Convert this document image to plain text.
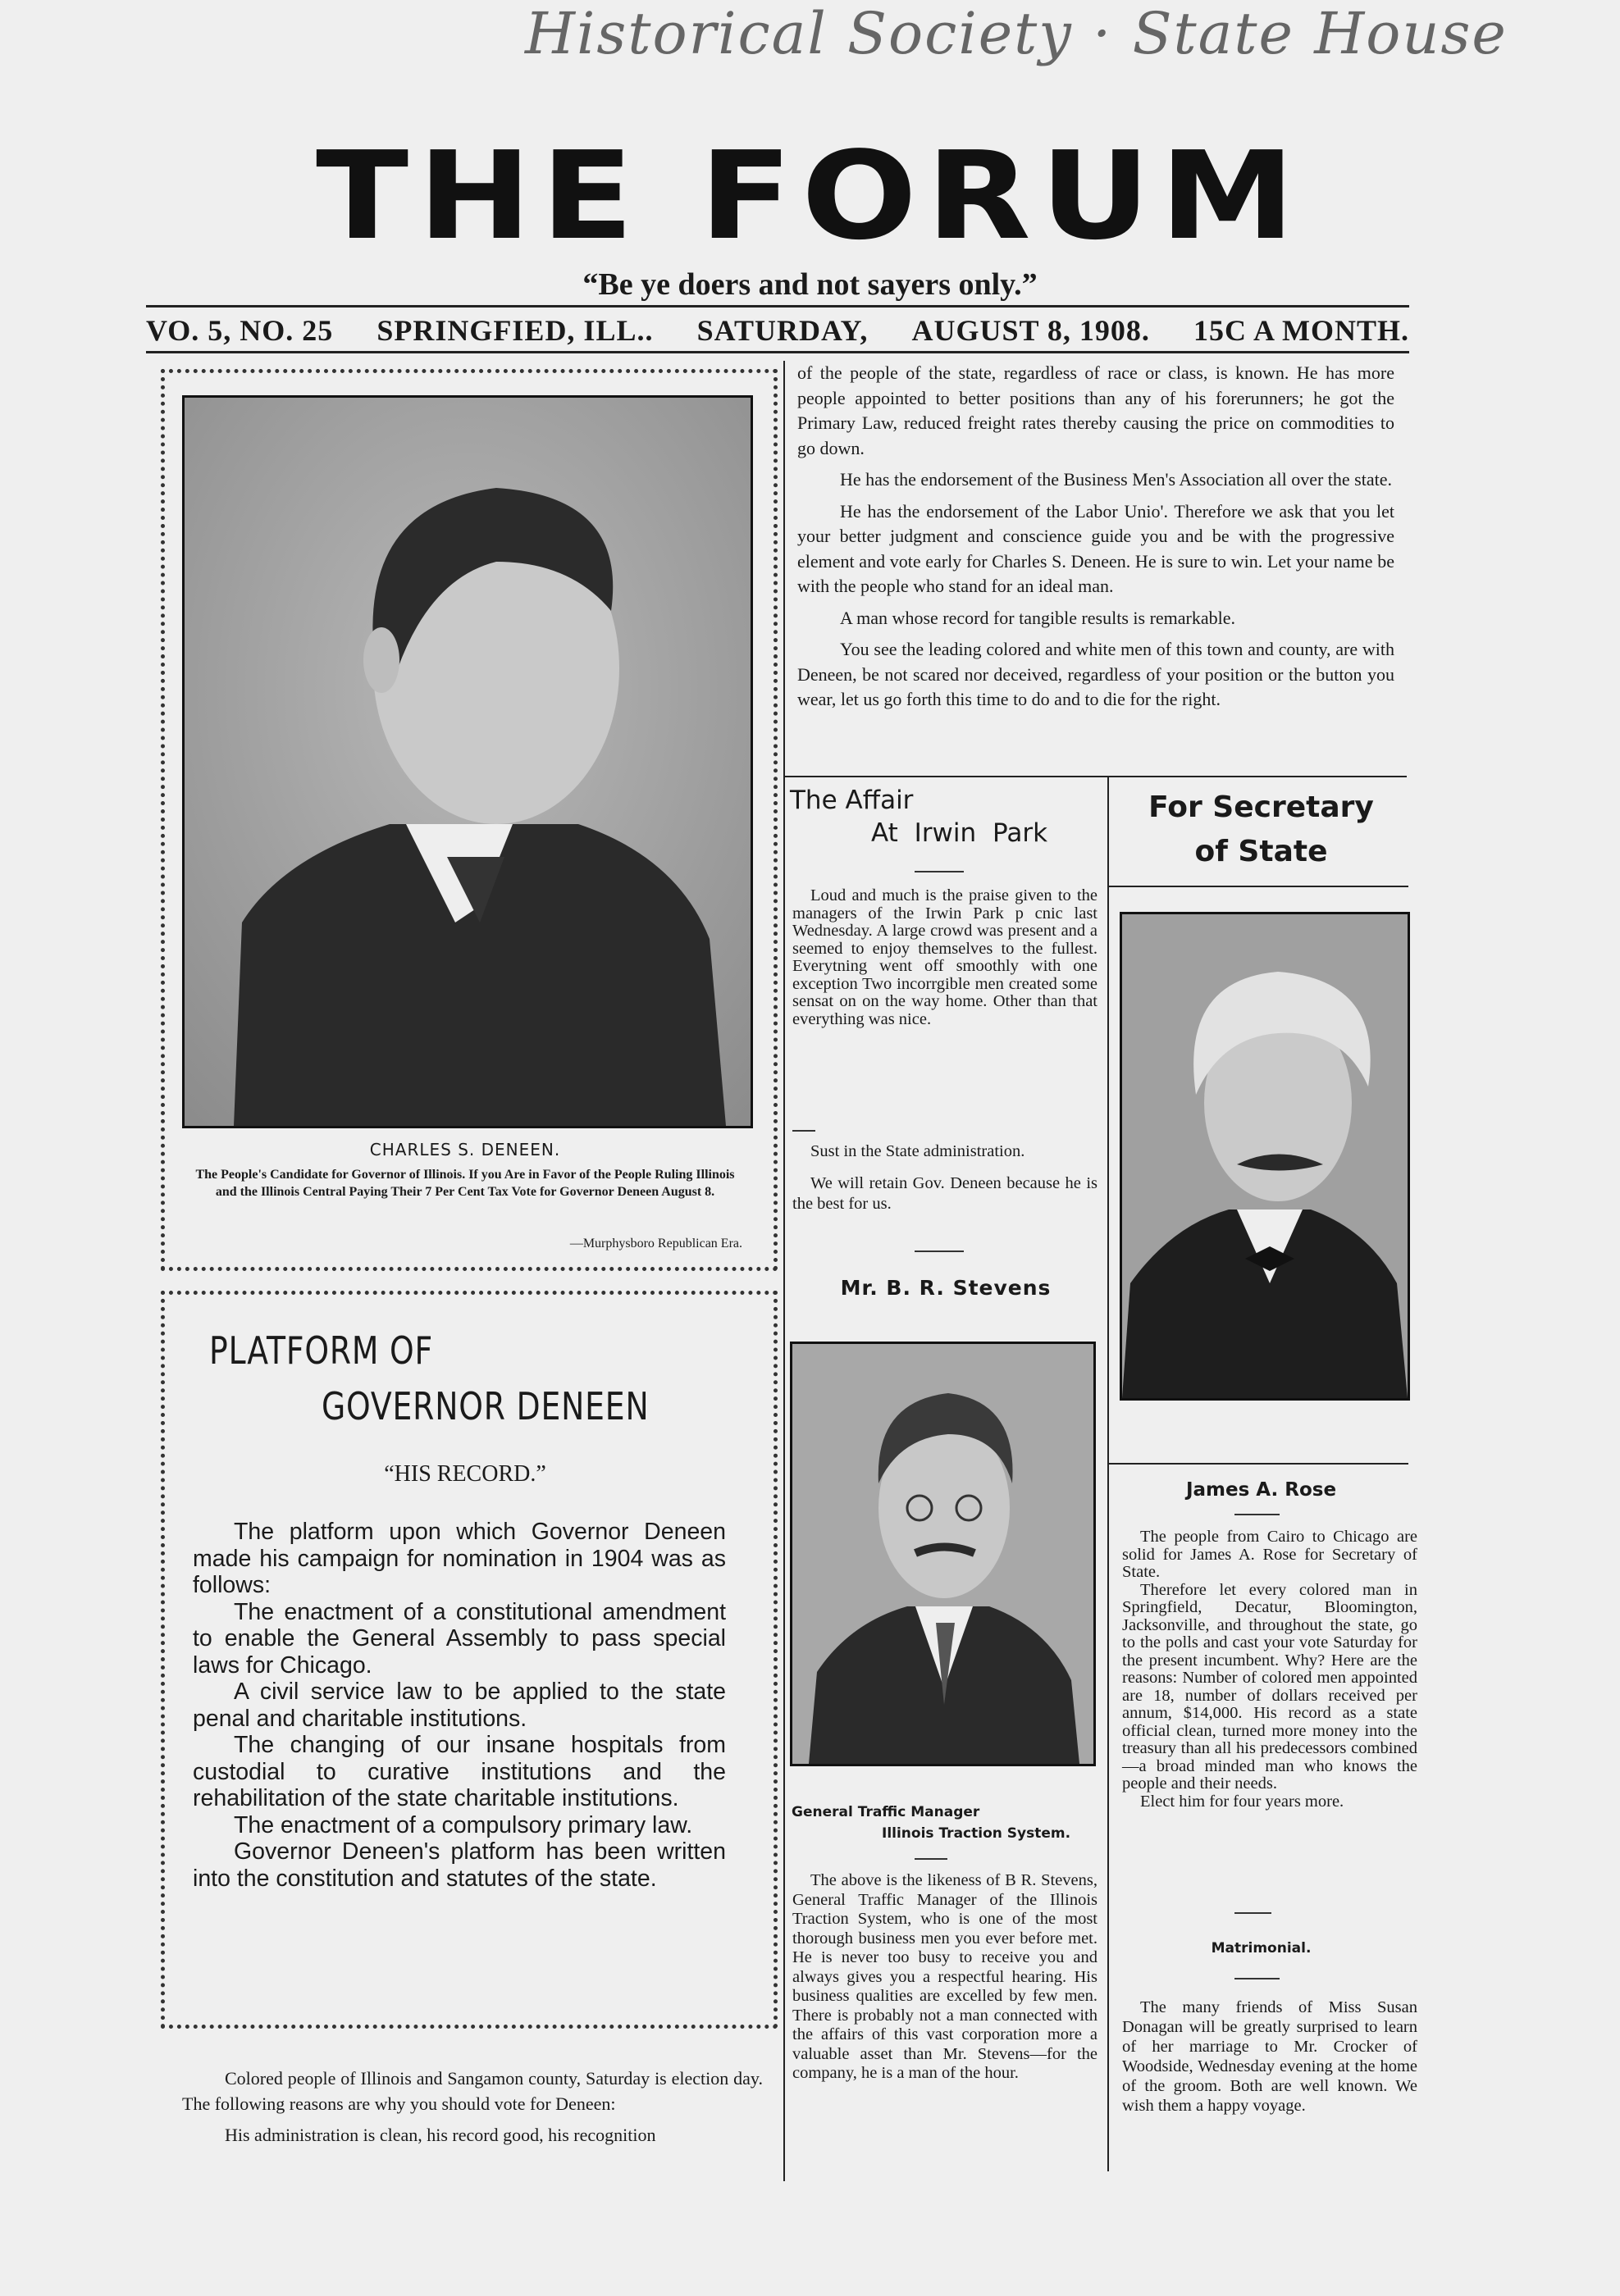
Historical Society · State House
THE FORUM
“Be ye doers and not sayers only.”
VO. 5, NO. 25 SPRINGFIED, ILL.. SATURDAY, AUGUST 8, 1908. 15C A MONTH.
CHARLES S. DENEEN.
The People's Candidate for Governor of Illinois. If you Are in Favor of the People Ruling Illinois and the Illinois Central Paying Their 7 Per Cent Tax Vote for Governor Deneen August 8.
—Murphysboro Republican Era.
PLATFORM OF
GOVERNOR DENEEN
“HIS RECORD.”

The platform upon which Governor Deneen made his campaign for nomination in 1904 was as follows:

The enactment of a constitutional amendment to enable the General Assembly to pass special laws for Chicago.

A civil service law to be applied to the state penal and charitable institutions.

The changing of our insane hospitals from custodial to curative institutions and the rehabilitation of the state charitable institutions.

The enactment of a compulsory primary law.

Governor Deneen's platform has been written into the constitution and statutes of the state.

Colored people of Illinois and Sangamon county, Saturday is election day. The following reasons are why you should vote for Deneen:

His administration is clean, his record good, his recognition

of the people of the state, regardless of race or class, is known. He has more people appointed to better positions than any of his forerunners; he got the Primary Law, reduced freight rates thereby causing the price on commodities to go down.

He has the endorsement of the Business Men's Association all over the state.

He has the endorsement of the Labor Unio'. Therefore we ask that you let your better judgment and conscience guide you and be with the progressive element and vote early for Charles S. Deneen. He is sure to win. Let your name be with the people who stand for an ideal man.

A man whose record for tangible results is remarkable.

You see the leading colored and white men of this town and county, are with Deneen, be not scared nor deceived, regardless of your position or the button you wear, let us go forth this time to do and to die for the right.

The Affair
At Irwin Park

Loud and much is the praise given to the managers of the Irwin Park p cnic last Wednesday. A large crowd was present and a seemed to enjoy themselves to the fullest. Everytning went off smoothly with one exception Two incorrgible men created some sensat on on the way home. Other than that everything was nice.

Sust in the State administration.

We will retain Gov. Deneen because he is the best for us.

Mr. B. R. Stevens
General Traffic Manager
Illinois Traction System.

The above is the likeness of B R. Stevens, General Traffic Manager of the Illinois Traction System, who is one of the most thorough business men you ever before met. He is never too busy to receive you and always gives you a respectful hearing. His business qualities are excelled by few men. There is probably not a man connected with the affairs of this vast corporation more a valuable asset than Mr. Stevens—for the company, he is a man of the hour.

For Secretary
of State
James A. Rose

The people from Cairo to Chicago are solid for James A. Rose for Secretary of State.

Therefore let every colored man in Springfield, Decatur, Bloomington, Jacksonville, and throughout the state, go to the polls and cast your vote Saturday for the present incumbent. Why? Here are the reasons: Number of colored men appointed are 18, number of dollars received per annum, $14,000. His record as a state official clean, turned more money into the treasury than all his predecessors combined—a broad minded man who knows the people and their needs.

Elect him for four years more.

Matrimonial.

The many friends of Miss Susan Donagan will be greatly surprised to learn of her marriage to Mr. Crocker of Woodside, Wednesday evening at the home of the groom. Both are well known. We wish them a happy voyage.
